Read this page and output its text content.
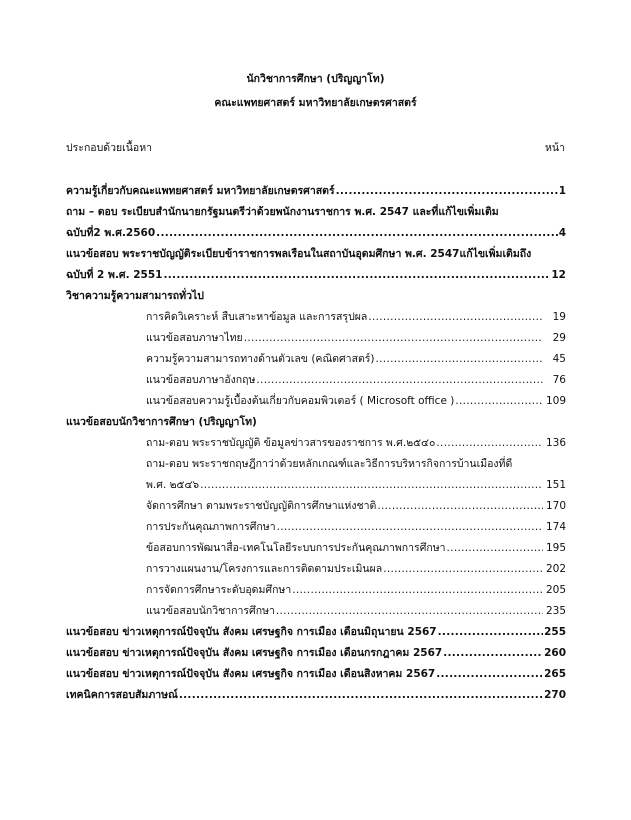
นักวิชาการศึกษา (ปริญญาโท)
คณะแพทยศาสตร์ มหาวิทยาลัยเกษตรศาสตร์
ประกอบด้วยเนื้อหา	หน้า
ความรู้เกี่ยวกับคณะแพทยศาสตร์ มหาวิทยาลัยเกษตรศาสตร์ .....	1
ถาม – ตอบ ระเบียบสำนักนายกรัฐมนตรีว่าด้วยพนักงานราชการ พ.ศ. 2547 และที่แก้ไขเพิ่มเติม
ฉบับที่2 พ.ศ.2560 .....	4
แนวข้อสอบ พระราชบัญญัติระเบียบข้าราชการพลเรือนในสถาบันอุดมศึกษา พ.ศ. 2547แก้ไขเพิ่มเติมถึง
ฉบับที่ 2 พ.ศ. 2551 .....	12
วิชาความรู้ความสามารถทั่วไป
การคิดวิเคราะห์ สืบเสาะหาข้อมูล และการสรุปผล .....	19
แนวข้อสอบภาษาไทย .....	29
ความรู้ความสามารถทางด้านตัวเลข (คณิตศาสตร์) .....	45
แนวข้อสอบภาษาอังกฤษ .....	76
แนวข้อสอบความรู้เบื้องต้นเกี่ยวกับคอมพิวเตอร์ ( Microsoft office ) .....	109
แนวข้อสอบนักวิชาการศึกษา (ปริญญาโท)
ถาม-ตอบ พระราชบัญญัติ ข้อมูลข่าวสารของราชการ พ.ศ.๒๕๔๐ .....	136
ถาม-ตอบ พระราชกฤษฎีกาว่าด้วยหลักเกณฑ์และวิธีการบริหารกิจการบ้านเมืองที่ดี
พ.ศ. ๒๕๔๖ .....	151
จัดการศึกษา ตามพระราชบัญญัติการศึกษาแห่งชาติ .....	170
การประกันคุณภาพการศึกษา .....	174
ข้อสอบการพัฒนาสื่อ-เทคโนโลยีระบบการประกันคุณภาพการศึกษา .....	195
การวางแผนงาน/โครงการและการติดตามประเมินผล .....	202
การจัดการศึกษาระดับอุดมศึกษา .....	205
แนวข้อสอบนักวิชาการศึกษา .....	235
แนวข้อสอบ ข่าวเหตุการณ์ปัจจุบัน สังคม เศรษฐกิจ การเมือง เดือนมิถุนายน 2567 .....	255
แนวข้อสอบ ข่าวเหตุการณ์ปัจจุบัน สังคม เศรษฐกิจ การเมือง เดือนกรกฎาคม 2567 .....	260
แนวข้อสอบ ข่าวเหตุการณ์ปัจจุบัน สังคม เศรษฐกิจ การเมือง เดือนสิงหาคม 2567 .....	265
เทคนิคการสอบสัมภาษณ์ .....	270
